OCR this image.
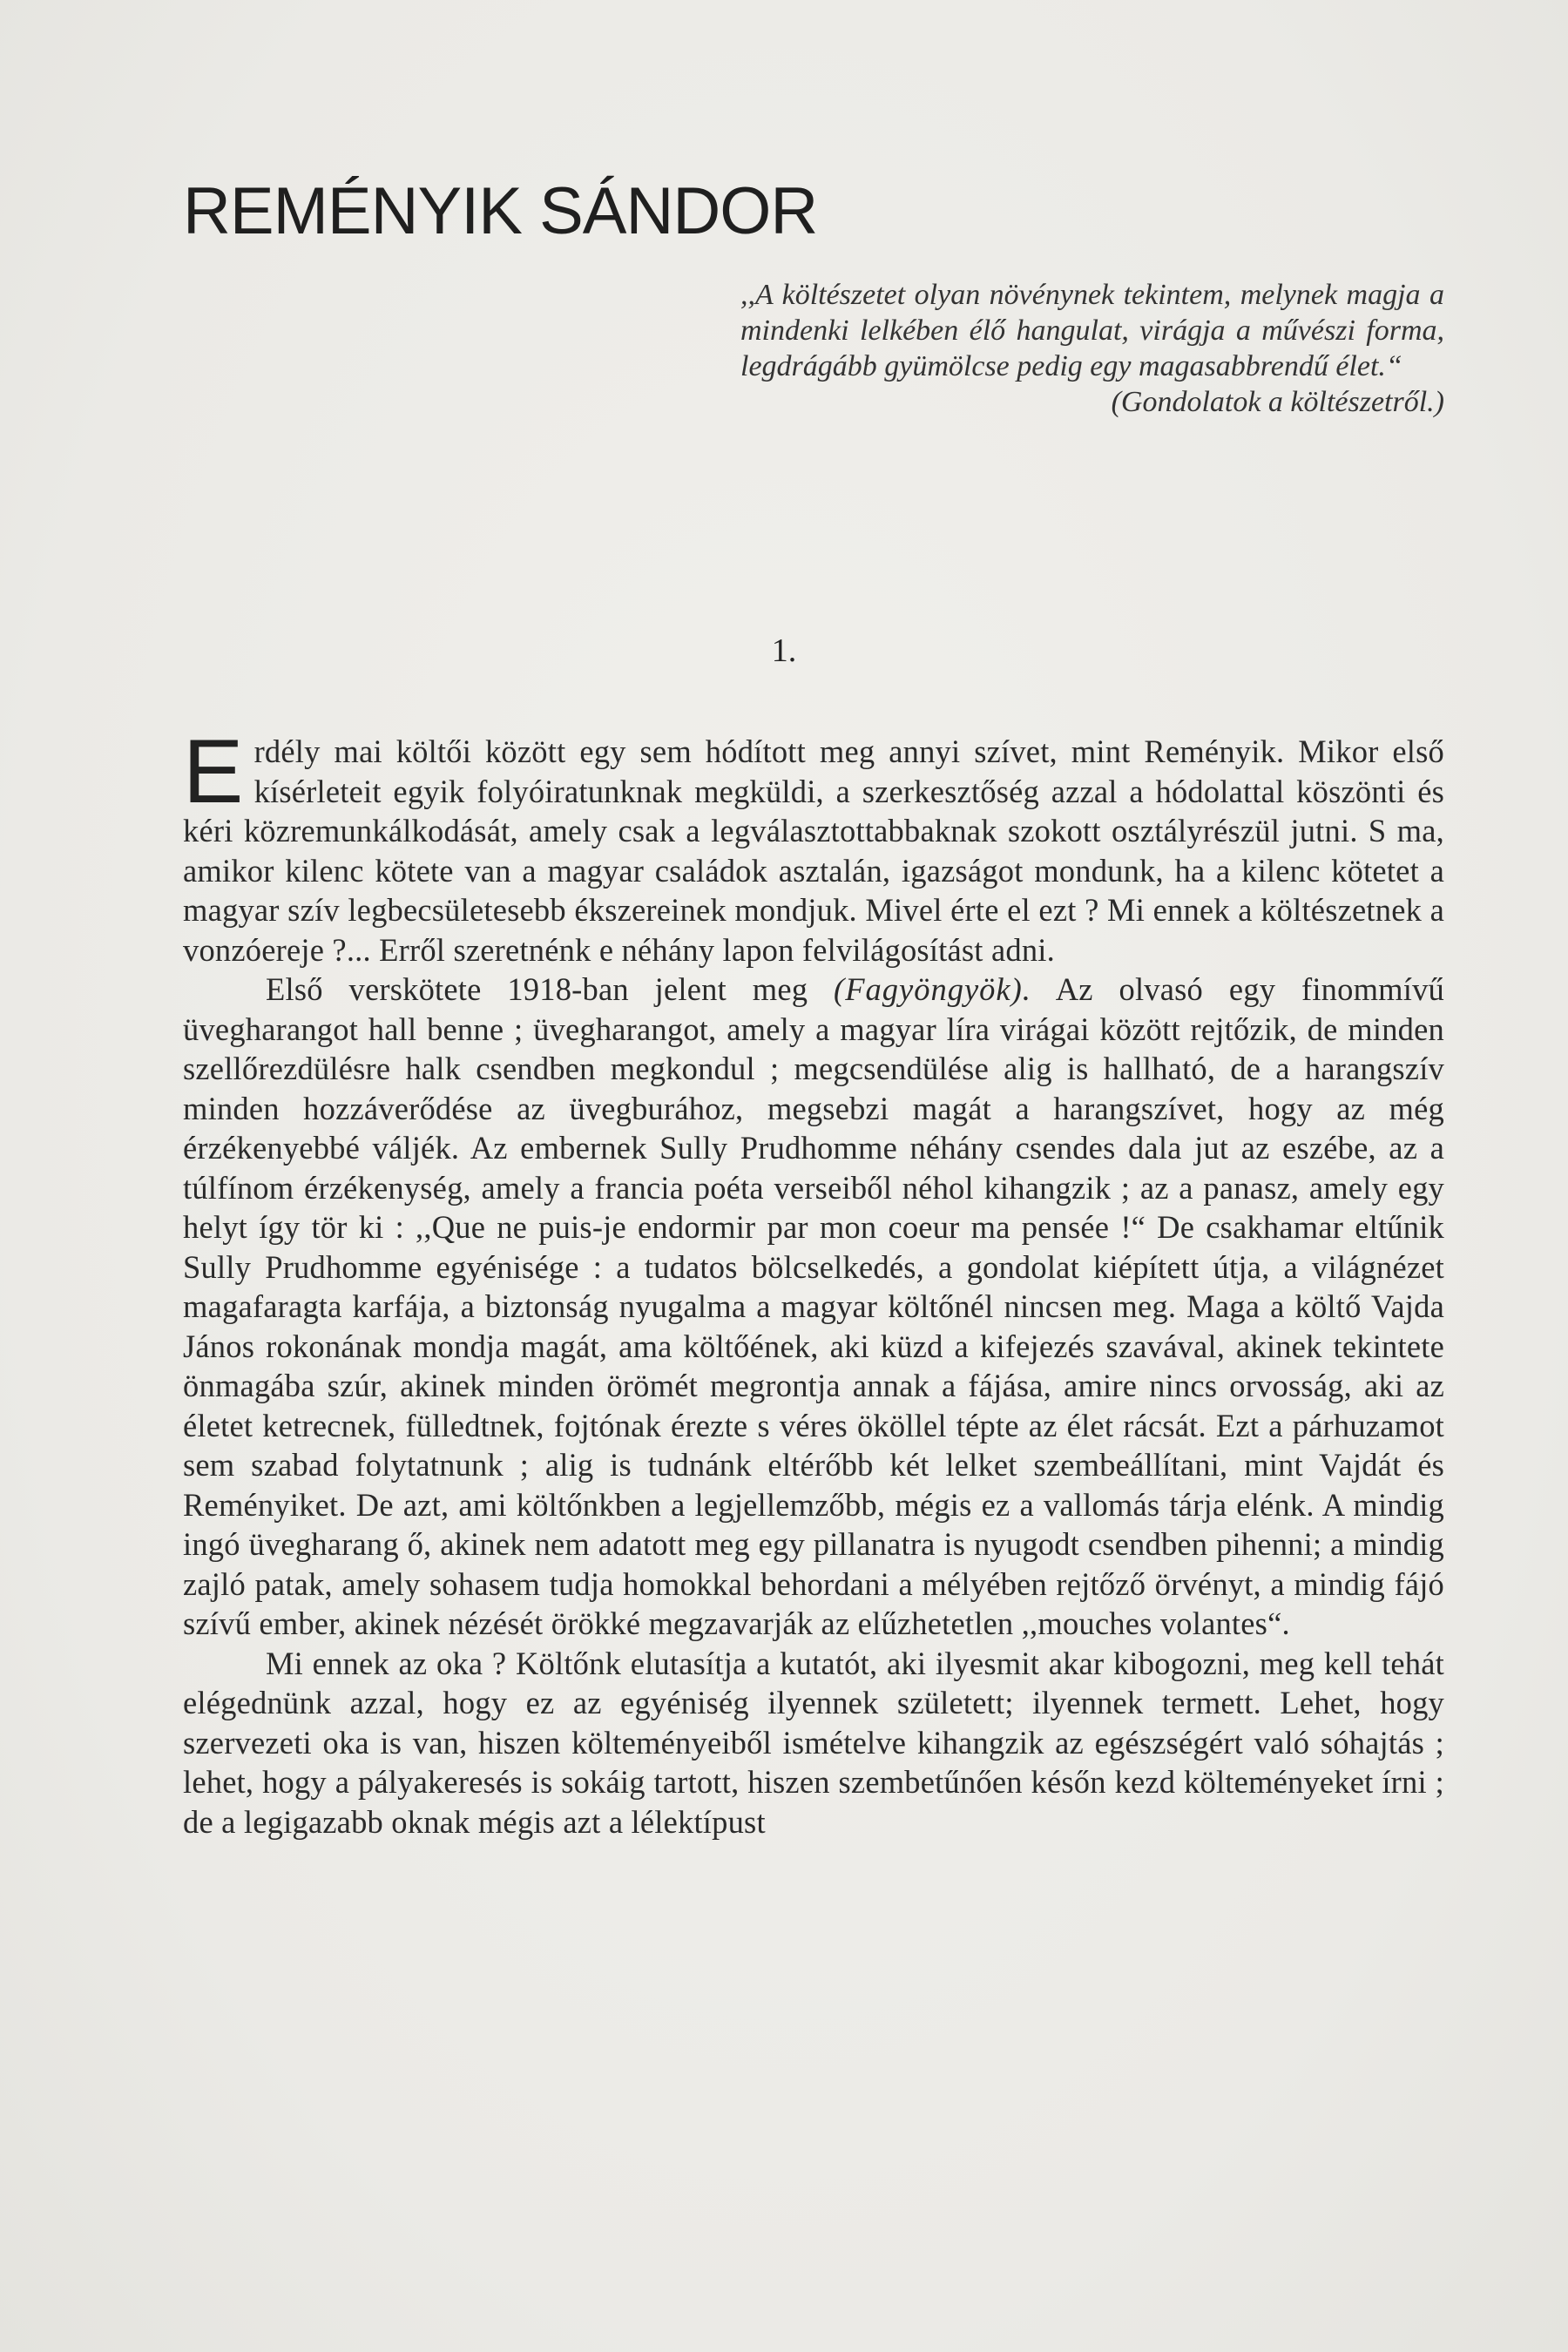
REMÉNYIK SÁNDOR

,,A költészetet olyan növénynek tekintem, melynek magja a mindenki lelkében élő hangulat, virágja a művészi forma, legdrágább gyümölcse pedig egy magasabbrendű élet.“

(Gondolatok a költészetről.)

1.

Erdély mai költői között egy sem hódított meg annyi szívet, mint Reményik. Mikor első kísérleteit egyik folyóiratunknak megküldi, a szerkesztőség azzal a hódolattal köszönti és kéri közremunkálkodását, amely csak a legválasztottabbaknak szokott osztályrészül jutni. S ma, amikor kilenc kötete van a magyar családok asztalán, igazságot mondunk, ha a kilenc kötetet a magyar szív legbecsületesebb ékszereinek mondjuk. Mivel érte el ezt ? Mi ennek a költészetnek a vonzóereje ?... Erről szeretnénk e néhány lapon felvilágosítást adni.

Első verskötete 1918-ban jelent meg (Fagyöngyök). Az olvasó egy finommívű üvegharangot hall benne ; üvegharangot, amely a magyar líra virágai között rejtőzik, de minden szellőrezdülésre halk csendben megkondul ; megcsendülése alig is hallható, de a harangszív minden hozzáverődése az üvegburához, megsebzi magát a harangszívet, hogy az még érzékenyebbé váljék. Az embernek Sully Prudhomme néhány csendes dala jut az eszébe, az a túlfínom érzékenység, amely a francia poéta verseiből néhol kihangzik ; az a panasz, amely egy helyt így tör ki : ,,Que ne puis-je endormir par mon coeur ma pensée !“ De csakhamar eltűnik Sully Prudhomme egyénisége : a tudatos bölcselkedés, a gondolat kiépített útja, a világnézet magafaragta karfája, a biztonság nyugalma a magyar költőnél nincsen meg. Maga a költő Vajda János rokonának mondja magát, ama költőének, aki küzd a kifejezés szavával, akinek tekintete önmagába szúr, akinek minden örömét megrontja annak a fájása, amire nincs orvosság, aki az életet ketrecnek, fülledtnek, fojtónak érezte s véres ököllel tépte az élet rácsát. Ezt a párhuzamot sem szabad folytatnunk ; alig is tudnánk eltérőbb két lelket szembeállítani, mint Vajdát és Reményiket. De azt, ami költőnkben a legjellemzőbb, mégis ez a vallomás tárja elénk. A mindig ingó üvegharang ő, akinek nem adatott meg egy pillanatra is nyugodt csendben pihenni; a mindig zajló patak, amely sohasem tudja homokkal behordani a mélyében rejtőző örvényt, a mindig fájó szívű ember, akinek nézését örökké megzavarják az elűzhetetlen ,,mouches volantes“.

Mi ennek az oka ? Költőnk elutasítja a kutatót, aki ilyesmit akar kibogozni, meg kell tehát elégednünk azzal, hogy ez az egyéniség ilyennek született; ilyennek termett. Lehet, hogy szervezeti oka is van, hiszen költeményeiből ismételve kihangzik az egészségért való sóhajtás ; lehet, hogy a pályakeresés is sokáig tartott, hiszen szembetűnően későn kezd költeményeket írni ; de a legigazabb oknak mégis azt a lélektípust
